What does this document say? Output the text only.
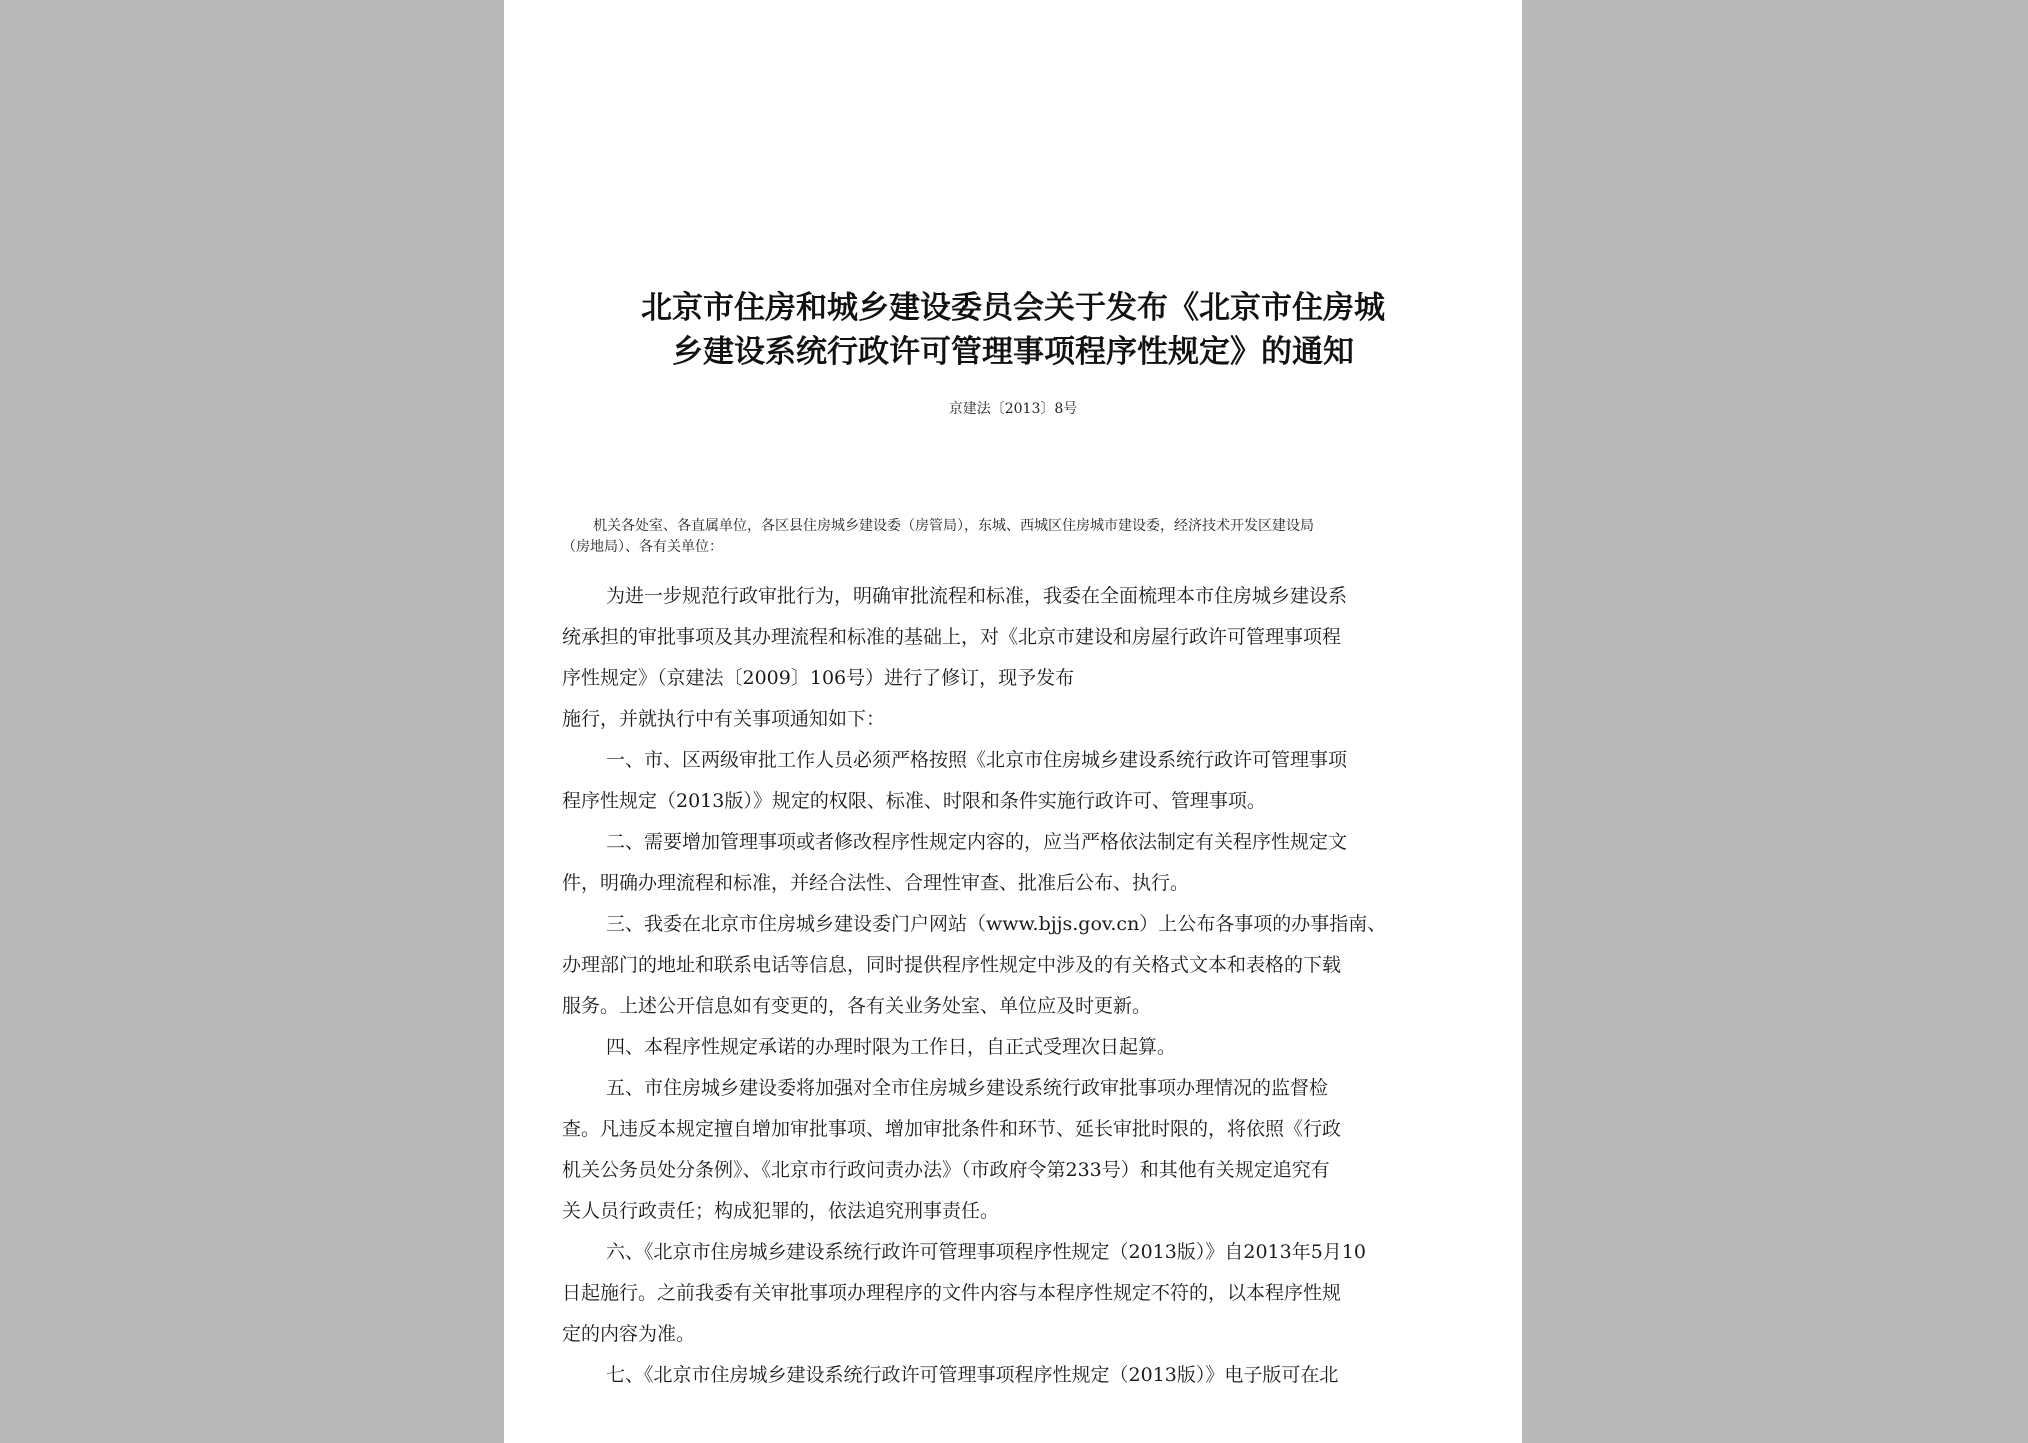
北京市住房和城乡建设委员会关于发布《北京市住房城
乡建设系统行政许可管理事项程序性规定》的通知
京建法〔2013〕8号
机关各处室、各直属单位，各区县住房城乡建设委（房管局），东城、西城区住房城市建设委，经济技术开发区建设局
（房地局）、各有关单位：
为进一步规范行政审批行为，明确审批流程和标准，我委在全面梳理本市住房城乡建设系
统承担的审批事项及其办理流程和标准的基础上，对《北京市建设和房屋行政许可管理事项程
序性规定》（京建法〔2009〕106号）进行了修订，现予发布
施行，并就执行中有关事项通知如下：
一、市、区两级审批工作人员必须严格按照《北京市住房城乡建设系统行政许可管理事项
程序性规定（2013版）》规定的权限、标准、时限和条件实施行政许可、管理事项。
二、需要增加管理事项或者修改程序性规定内容的，应当严格依法制定有关程序性规定文
件，明确办理流程和标准，并经合法性、合理性审查、批准后公布、执行。
三、我委在北京市住房城乡建设委门户网站（www.bjjs.gov.cn）上公布各事项的办事指南、
办理部门的地址和联系电话等信息，同时提供程序性规定中涉及的有关格式文本和表格的下载
服务。上述公开信息如有变更的，各有关业务处室、单位应及时更新。
四、本程序性规定承诺的办理时限为工作日，自正式受理次日起算。
五、市住房城乡建设委将加强对全市住房城乡建设系统行政审批事项办理情况的监督检
查。凡违反本规定擅自增加审批事项、增加审批条件和环节、延长审批时限的，将依照《行政
机关公务员处分条例》、《北京市行政问责办法》（市政府令第233号）和其他有关规定追究有
关人员行政责任；构成犯罪的，依法追究刑事责任。
六、《北京市住房城乡建设系统行政许可管理事项程序性规定（2013版）》自2013年5月10
日起施行。之前我委有关审批事项办理程序的文件内容与本程序性规定不符的，以本程序性规
定的内容为准。
七、《北京市住房城乡建设系统行政许可管理事项程序性规定（2013版）》电子版可在北
